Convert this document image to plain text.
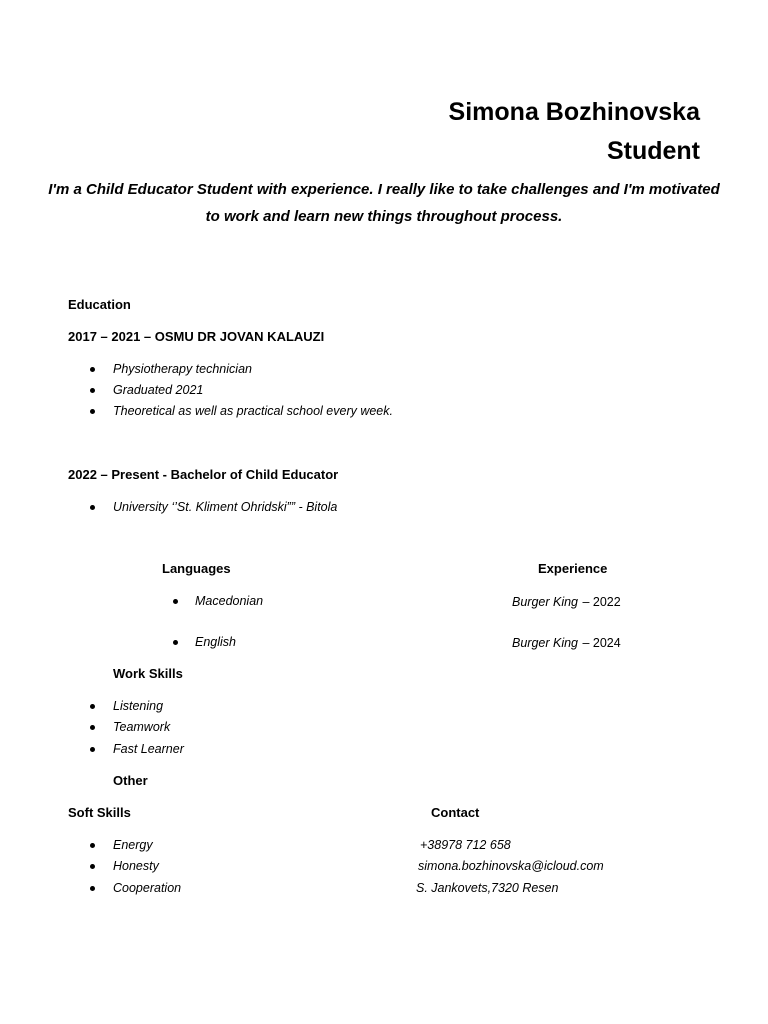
Simona Bozhinovska
Student
I'm a Child Educator Student with experience. I really like to take challenges and I'm motivated to work and learn new things throughout process.
Education
2017 – 2021 – OSMU DR JOVAN KALAUZI
Physiotherapy technician
Graduated 2021
Theoretical as well as practical school every week.
2022 – Present - Bachelor of Child Educator
University ‘’St. Kliment Ohridski”” - Bitola
Languages
Macedonian
English
Experience
Burger King – 2022
Burger King – 2024
Work Skills
Listening
Teamwork
Fast Learner
Other
Soft Skills
Energy
Honesty
Cooperation
Contact
+38978 712 658
simona.bozhinovska@icloud.com
S. Jankovets,7320 Resen
